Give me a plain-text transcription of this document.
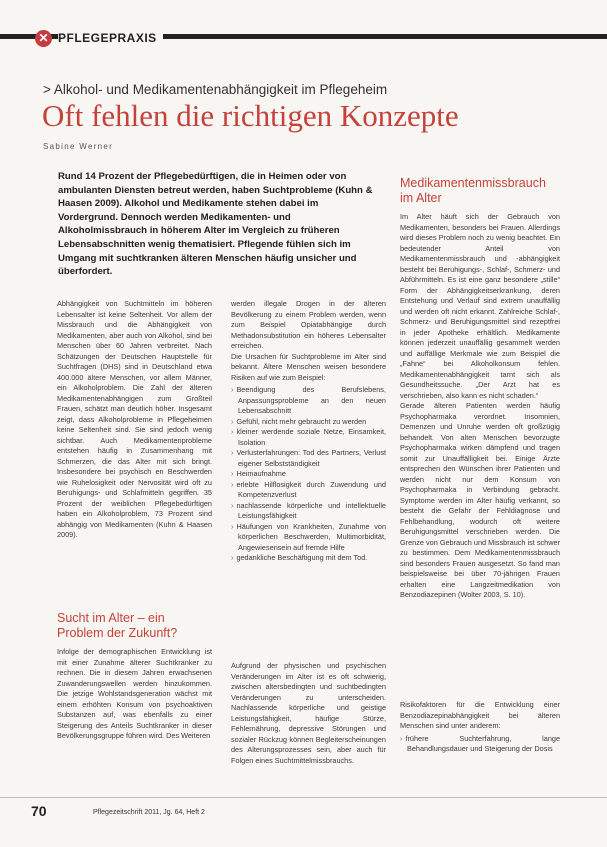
✕ PFLEGEPRAXIS
> Alkohol- und Medikamentenabhängigkeit im Pflegeheim
Oft fehlen die richtigen Konzepte
Sabine Werner
Rund 14 Prozent der Pflegebedürftigen, die in Heimen oder von ambulanten Diensten betreut werden, haben Suchtprobleme (Kuhn & Haasen 2009). Alkohol und Medikamente stehen dabei im Vordergrund. Dennoch werden Medikamenten- und Alkoholmissbrauch in höherem Alter im Vergleich zu früheren Lebensabschnitten wenig thematisiert. Pflegende fühlen sich im Umgang mit suchtkranken älteren Menschen häufig unsicher und überfordert.

Abhängigkeit von Suchtmitteln im höheren Lebensalter ist keine Seltenheit. Vor allem der Missbrauch und die Abhängigkeit von Medikamenten, aber auch von Alkohol, sind bei Menschen über 60 Jahren verbreitet. Nach Schätzungen der Deutschen Hauptstelle für Suchtfragen (DHS) sind in Deutschland etwa 400.000 ältere Menschen, vor allem Männer, ein Alkoholproblem. Die Zahl der älteren Medikamentenabhängigen zum Großteil Frauen, schätzt man deutlich höher. Insgesamt zeigt, dass Alkoholprobleme in Pflegeheimen keine Seltenheit sind. Sie sind jedoch wenig sichtbar. Auch Medikamentenprobleme entstehen häufig in Zusammenhang mit Schmerzen, die das Alter mit sich bringt. Insbesondere bei psychisch en Beschwerden wie Ruhelosigkeit oder Nervosität wird oft zu Beruhigungs- und Schlafmitteln gegriffen. 35 Prozent der weiblichen Pflegebedürftigen haben ein Alkoholproblem, 73 Prozent sind abhängig von Medikamenten (Kuhn & Haasen 2009).

werden illegale Drogen in der älteren Bevölkerung zu einem Problem werden, wenn zum Beispiel Opiatabhängige durch Methadonsubstitution ein höheres Lebensalter erreichen.
Die Ursachen für Suchtprobleme im Alter sind bekannt. Ältere Menschen weisen besondere Risiken auf wie zum Beispiel:

› Beendigung des Berufslebens, Anpassungsprobleme an den neuen Lebensabschnitt
› Gefühl, nicht mehr gebraucht zu werden
› kleiner werdende soziale Netze, Einsamkeit, Isolation
› Verlusterfahrungen: Tod des Partners, Verlust eigener Selbstständigkeit
› Heimaufnahme
› erlebte Hilflosigkeit durch Zuwendung und Kompetenzverlust
› nachlassende körperliche und intellektuelle Leistungsfähigkeit
› Häufungen von Krankheiten, Zunahme von körperlichen Beschwerden, Multimorbidität, Angewiesensein auf fremde Hilfe
› gedankliche Beschäftigung mit dem Tod.
Sucht im Alter – ein Problem der Zukunft?

Infolge der demographischen Entwicklung ist mit einer Zunahme älterer Suchtkranker zu rechnen. Die in diesem Jahren erwachsenen Zuwanderungswellen werden hinzukommen. Die jetzige Wohlstandsgeneration wächst mit einem erhöhten Konsum von psychoaktiven Substanzen auf, was ebenfalls zu einer Steigerung des Anteils Suchtkranker in dieser Bevölkerungsgruppe führen wird. Des Weiteren

Aufgrund der physischen und psychischen Veränderungen im Alter ist es oft schwierig, zwischen altersbedingten und suchtbedingten Veränderungen zu unterscheiden. Nachlassende körperliche und geistige Leistungsfähigkeit, häufige Stürze, Fehlernährung, depressive Störungen und sozialer Rückzug können Begleiterscheinungen des Alterungsprozesses sein, aber auch für Folgen eines Suchtmittelmissbrauchs.

Medikamentenmissbrauch im Alter

Im Alter häuft sich der Gebrauch von Medikamenten, besonders bei Frauen. Allerdings wird dieses Problem noch zu wenig beachtet. Ein bedeutender Anteil von Medikamentenmissbrauch und -abhängigkeit besteht bei Beruhigungs-, Schlaf-, Schmerz- und Abführmitteln. Es ist eine ganz besondere „stille“ Form der Abhängigkeitserkrankung, deren Entstehung und Verlauf sind extrem unauffällig und werden oft nicht erkannt. Zahlreiche Schlaf-, Schmerz- und Beruhigungsmittel sind rezeptfrei in jeder Apotheke erhältlich. Medikamente können jederzeit unauffällig gesammelt werden und auffällige Merkmale wie zum Beispiel die „Fahne“ bei Alkoholkonsum fehlen. Medikamentenabhängigkeit tarnt sich als Gesundheitssuche. „Der Arzt hat es verschrieben, also kann es nicht schaden.“
Gerade älteren Patienten werden häufig Psychopharmaka verordnet. Insomnien, Demenzen und Unruhe werden oft großzügig behandelt. Von alten Menschen bevorzugte Psychopharmaka wirken dämpfend und tragen somit zur Unauffälligkeit bei. Einige Ärzte entsprechen den Wünschen ihrer Patienten und werden nicht nur dem Konsum von Psychopharmaka in Verbindung gebracht. Symptome werden im Alter häufig verkannt, so besteht die Gefahr der Fehldiagnose und Fehlbehandlung, wodurch oft weitere Beruhigungsmittel verschrieben werden. Die Grenze von Gebrauch und Missbrauch ist schwer zu bestimmen. Dem Medikamentenmissbrauch sind besonders Frauen ausgesetzt. So fand man beispielsweise bei über 70-jährigen Frauen erhalten eine Langzeitmedikation von Benzodiazepinen (Wolter 2003, S. 10).

Risikofaktoren für die Entwicklung einer Benzodiazepinabhängigkeit bei älteren Menschen sind unter anderem:

› frühere Suchterfahrung, lange Behandlungsdauer und Steigerung der Dosis
70	Pflegezeitschrift 2011, Jg. 64, Heft 2
